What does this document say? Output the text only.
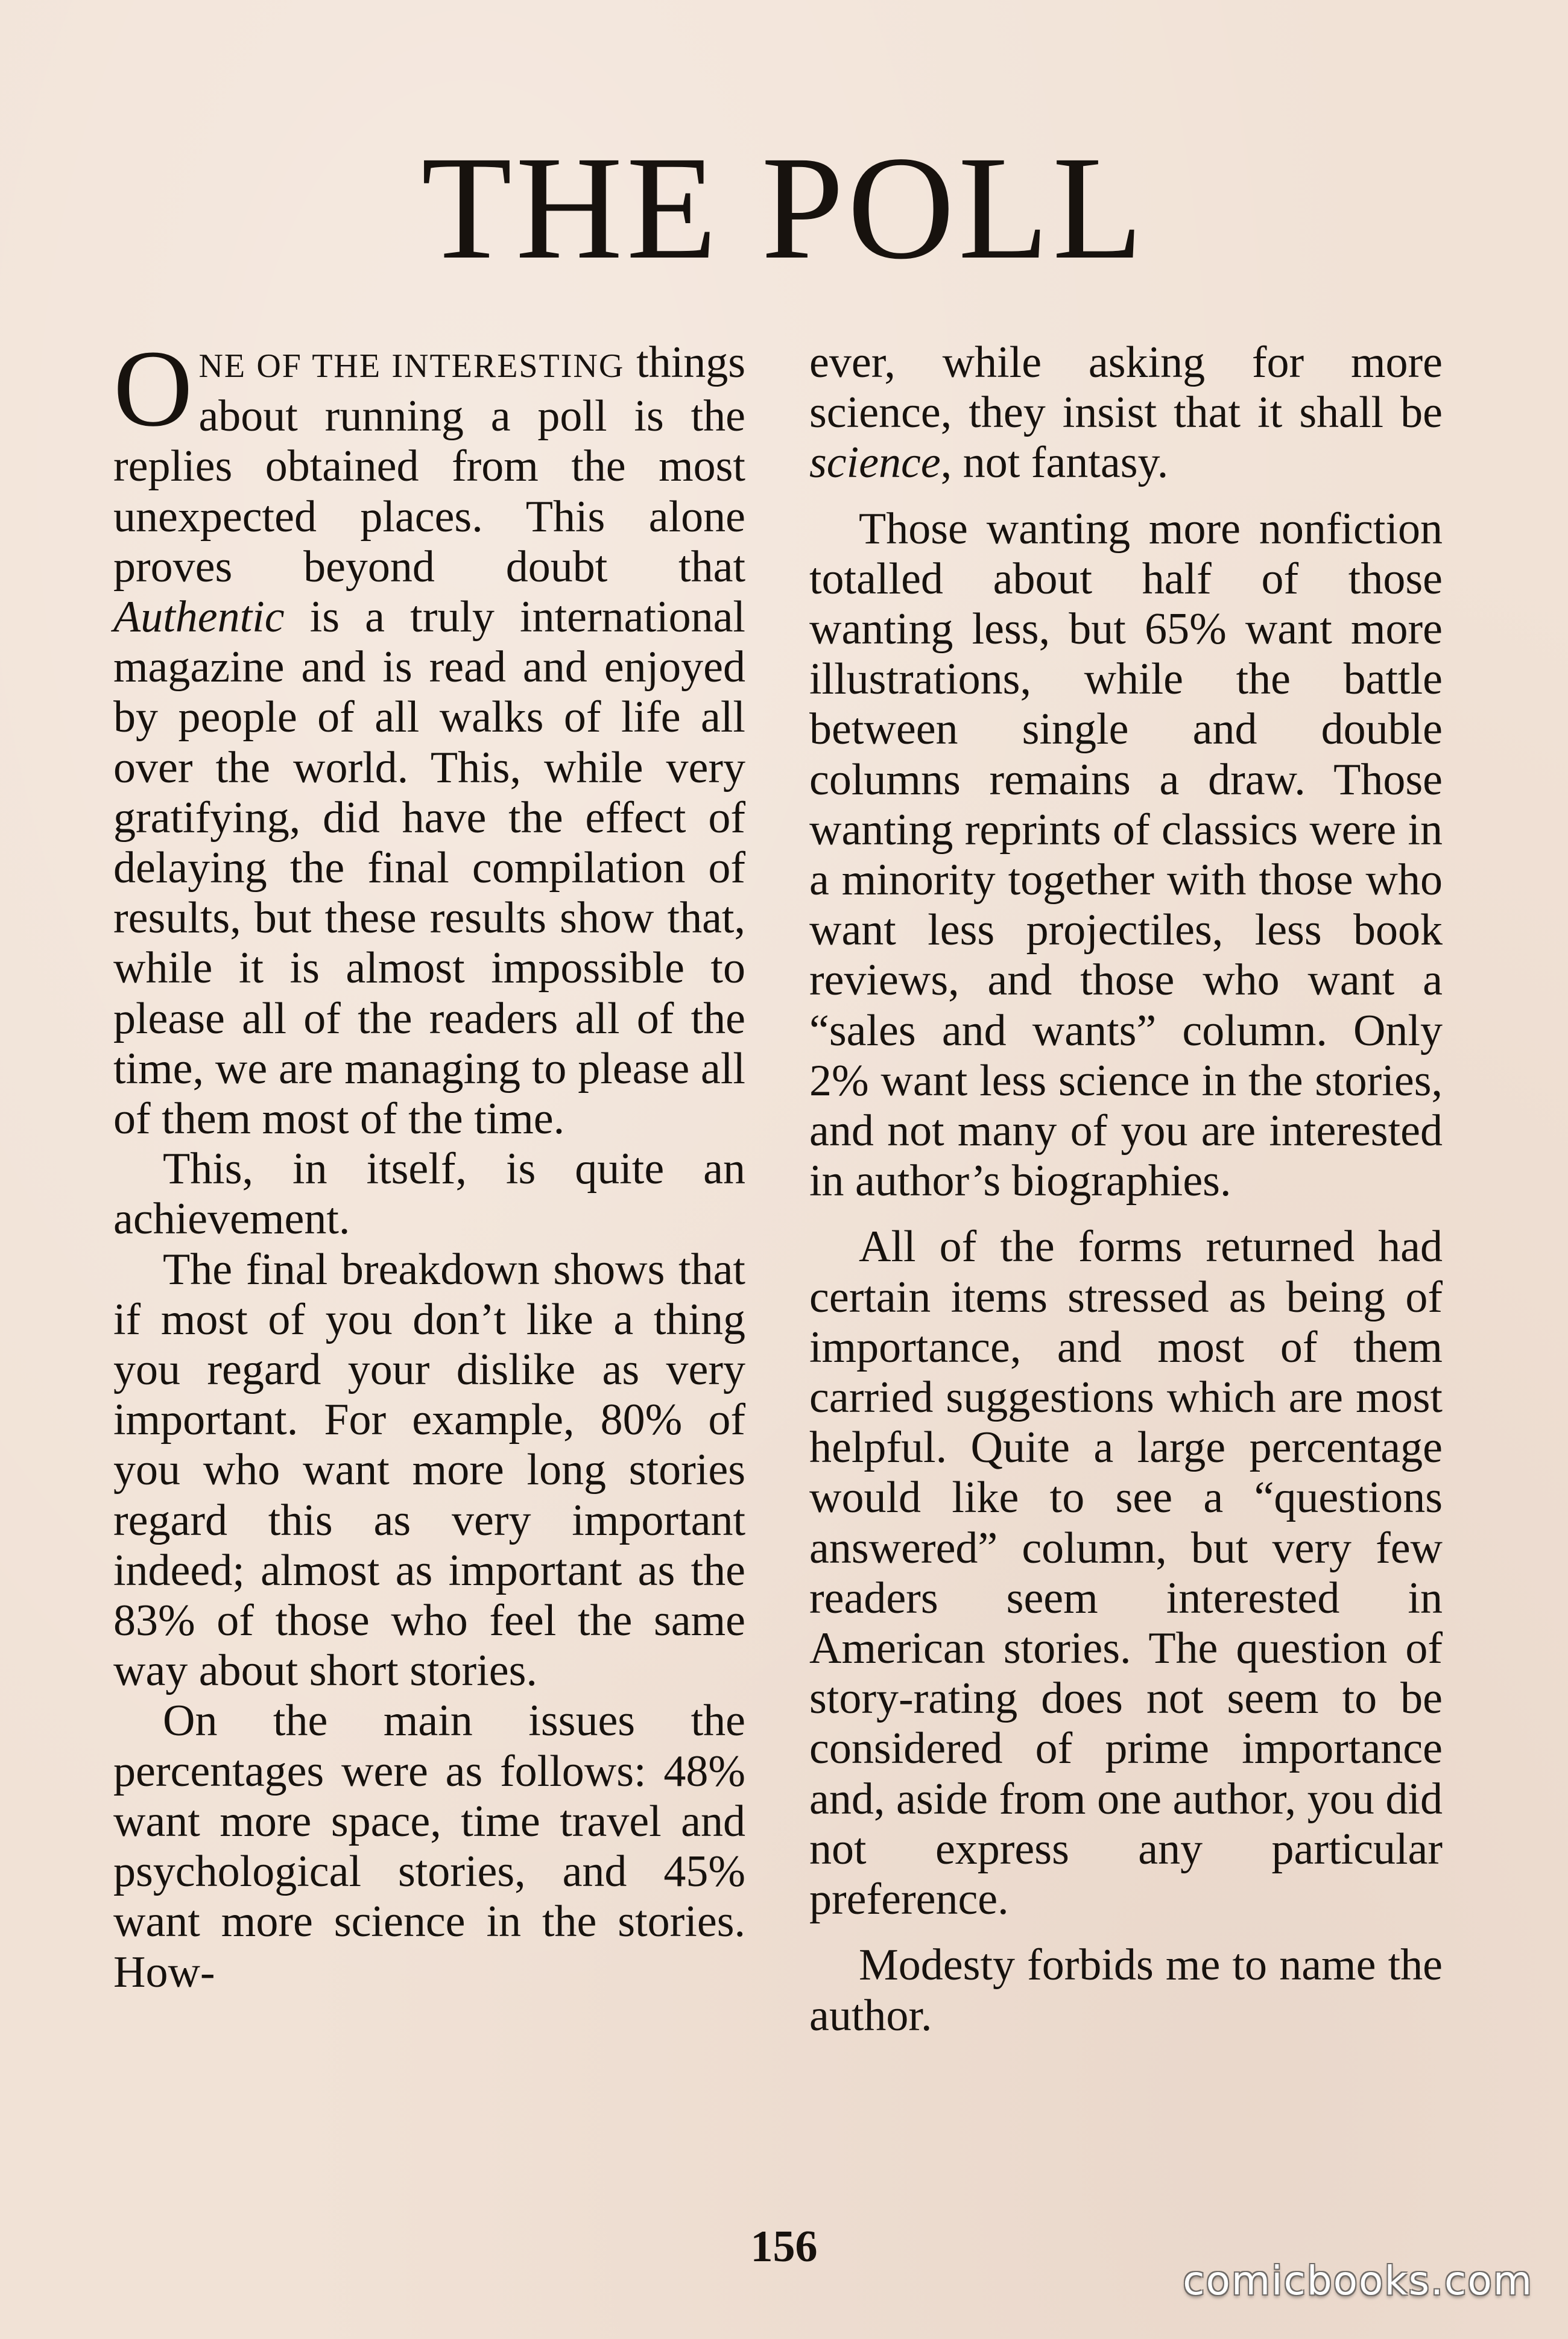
THE POLL

ONE OF THE INTERESTING things about running a poll is the replies obtained from the most unexpected places. This alone proves beyond doubt that Authentic is a truly international magazine and is read and enjoyed by people of all walks of life all over the world. This, while very gratifying, did have the effect of delaying the final compilation of results, but these results show that, while it is almost impossible to please all of the readers all of the time, we are managing to please all of them most of the time.

This, in itself, is quite an achievement.

The final breakdown shows that if most of you don’t like a thing you regard your dislike as very important. For example, 80% of you who want more long stories regard this as very important indeed; almost as important as the 83% of those who feel the same way about short stories.

On the main issues the percentages were as follows: 48% want more space, time travel and psychological stories, and 45% want more science in the stories. How-

ever, while asking for more science, they insist that it shall be science, not fantasy.

Those wanting more nonfiction totalled about half of those wanting less, but 65% want more illustrations, while the battle between single and double columns remains a draw. Those wanting reprints of classics were in a minority together with those who want less projectiles, less book reviews, and those who want a “sales and wants” column. Only 2% want less science in the stories, and not many of you are interested in author’s biographies.

All of the forms returned had certain items stressed as being of importance, and most of them carried suggestions which are most helpful. Quite a large percentage would like to see a “questions answered” column, but very few readers seem interested in American stories. The question of story-rating does not seem to be considered of prime importance and, aside from one author, you did not express any particular preference.

Modesty forbids me to name the author.

156
comicbooks.com
